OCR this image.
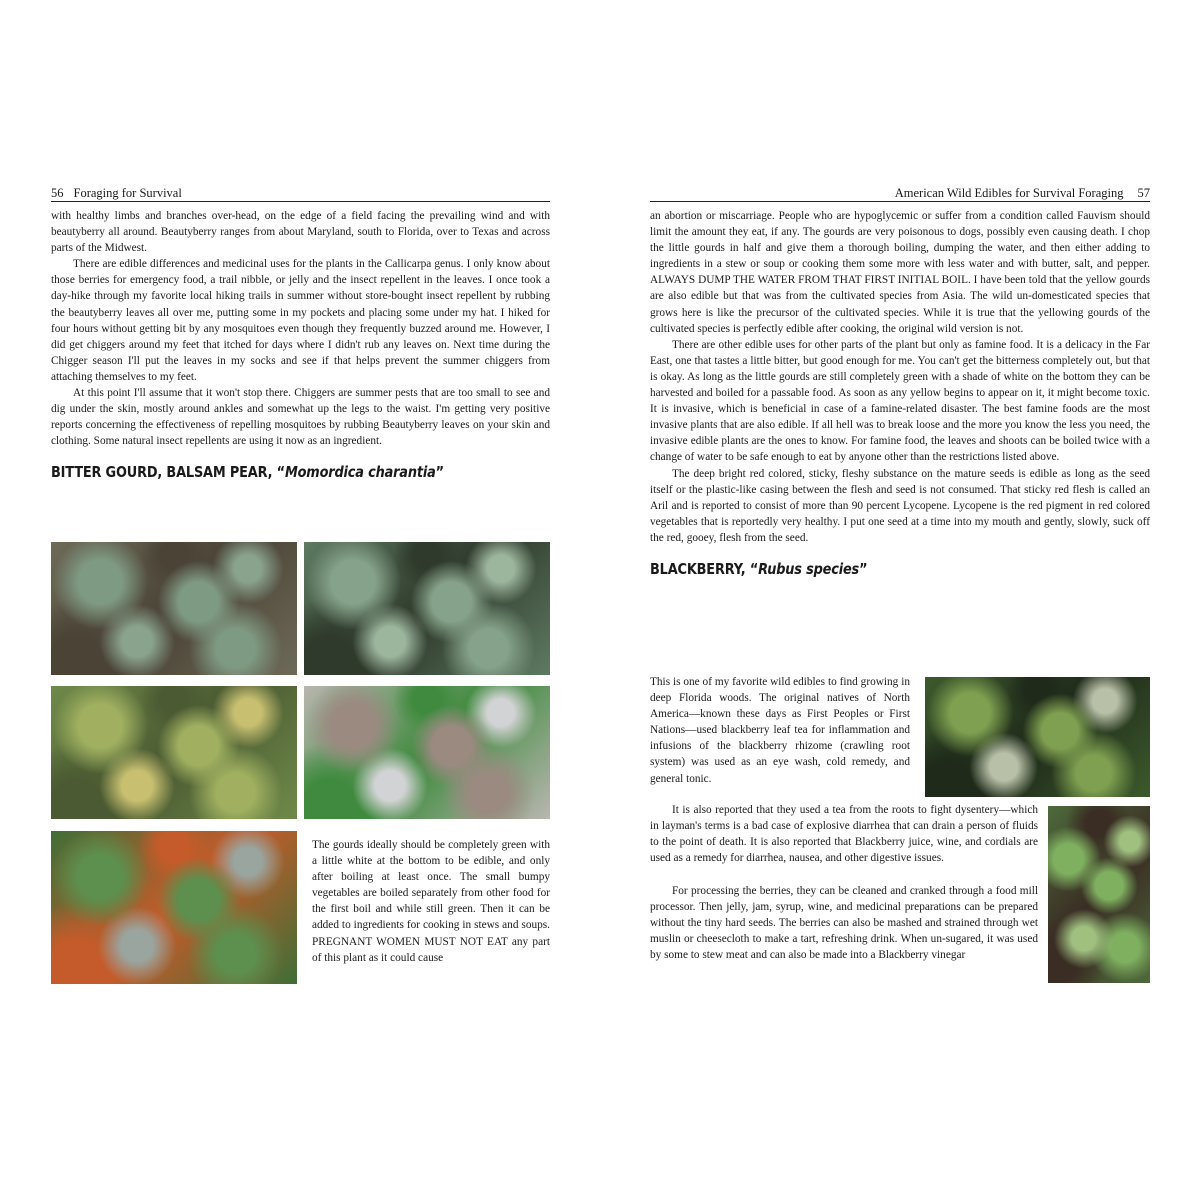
56 Foraging for Survival

with healthy limbs and branches over-head, on the edge of a field facing the prevailing wind and with beautyberry all around. Beautyberry ranges from about Maryland, south to Florida, over to Texas and across parts of the Midwest.

There are edible differences and medicinal uses for the plants in the Callicarpa genus. I only know about those berries for emergency food, a trail nibble, or jelly and the insect repellent in the leaves. I once took a day-hike through my favorite local hiking trails in summer without store-bought insect repellent by rubbing the beautyberry leaves all over me, putting some in my pockets and placing some under my hat. I hiked for four hours without getting bit by any mosquitoes even though they frequently buzzed around me. However, I did get chiggers around my feet that itched for days where I didn't rub any leaves on. Next time during the Chigger season I'll put the leaves in my socks and see if that helps prevent the summer chiggers from attaching themselves to my feet.

At this point I'll assume that it won't stop there. Chiggers are summer pests that are too small to see and dig under the skin, mostly around ankles and somewhat up the legs to the waist. I'm getting very positive reports concerning the effectiveness of repelling mosquitoes by rubbing Beautyberry leaves on your skin and clothing. Some natural insect repellents are using it now as an ingredient.

BITTER GOURD, BALSAM PEAR, “Momordica charantia”

The gourds ideally should be completely green with a little white at the bottom to be edible, and only after boiling at least once. The small bumpy vegetables are boiled separately from other food for the first boil and while still green. Then it can be added to ingredients for cooking in stews and soups. PREGNANT WOMEN MUST NOT EAT any part of this plant as it could cause

American Wild Edibles for Survival Foraging 57

an abortion or miscarriage. People who are hypoglycemic or suffer from a condition called Fauvism should limit the amount they eat, if any. The gourds are very poisonous to dogs, possibly even causing death. I chop the little gourds in half and give them a thorough boiling, dumping the water, and then either adding to ingredients in a stew or soup or cooking them some more with less water and with butter, salt, and pepper. ALWAYS DUMP THE WATER FROM THAT FIRST INITIAL BOIL. I have been told that the yellow gourds are also edible but that was from the cultivated species from Asia. The wild un-domesticated species that grows here is like the precursor of the cultivated species. While it is true that the yellowing gourds of the cultivated species is perfectly edible after cooking, the original wild version is not.

There are other edible uses for other parts of the plant but only as famine food. It is a delicacy in the Far East, one that tastes a little bitter, but good enough for me. You can't get the bitterness completely out, but that is okay. As long as the little gourds are still completely green with a shade of white on the bottom they can be harvested and boiled for a passable food. As soon as any yellow begins to appear on it, it might become toxic. It is invasive, which is beneficial in case of a famine-related disaster. The best famine foods are the most invasive plants that are also edible. If all hell was to break loose and the more you know the less you need, the invasive edible plants are the ones to know. For famine food, the leaves and shoots can be boiled twice with a change of water to be safe enough to eat by anyone other than the restrictions listed above.

The deep bright red colored, sticky, fleshy substance on the mature seeds is edible as long as the seed itself or the plastic-like casing between the flesh and seed is not consumed. That sticky red flesh is called an Aril and is reported to consist of more than 90 percent Lycopene. Lycopene is the red pigment in red colored vegetables that is reportedly very healthy. I put one seed at a time into my mouth and gently, slowly, suck off the red, gooey, flesh from the seed.

BLACKBERRY, “Rubus species”

This is one of my favorite wild edibles to find growing in deep Florida woods. The original natives of North America—known these days as First Peoples or First Nations—used blackberry leaf tea for inflammation and infusions of the blackberry rhizome (crawling root system) was used as an eye wash, cold remedy, and general tonic.

It is also reported that they used a tea from the roots to fight dysentery—which in layman's terms is a bad case of explosive diarrhea that can drain a person of fluids to the point of death. It is also reported that Blackberry juice, wine, and cordials are used as a remedy for diarrhea, nausea, and other digestive issues.

For processing the berries, they can be cleaned and cranked through a food mill processor. Then jelly, jam, syrup, wine, and medicinal preparations can be prepared without the tiny hard seeds. The berries can also be mashed and strained through wet muslin or cheesecloth to make a tart, refreshing drink. When un-sugared, it was used by some to stew meat and can also be made into a Blackberry vinegar
